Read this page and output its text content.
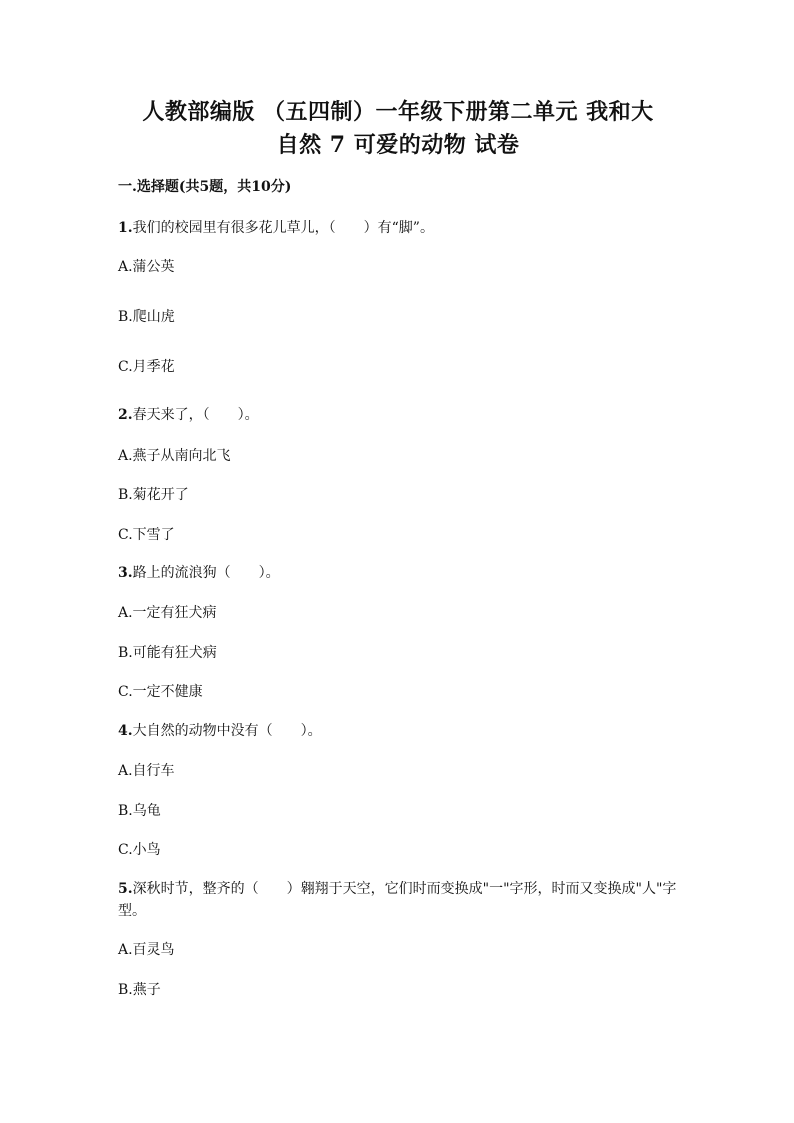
人教部编版 （五四制）一年级下册第二单元 我和大
自然 7 可爱的动物 试卷
一.选择题(共5题，共10分)
1.我们的校园里有很多花儿草儿，（　　）有“脚”。
A.蒲公英
B.爬山虎
C.月季花
2.春天来了，（　　）。
A.燕子从南向北飞
B.菊花开了
C.下雪了
3.路上的流浪狗（　　）。
A.一定有狂犬病
B.可能有狂犬病
C.一定不健康
4.大自然的动物中没有（　　）。
A.自行车
B.乌龟
C.小鸟
5.深秋时节，整齐的（　　）翱翔于天空，它们时而变换成"一"字形，时而又变换成"人"字型。
A.百灵鸟
B.燕子
